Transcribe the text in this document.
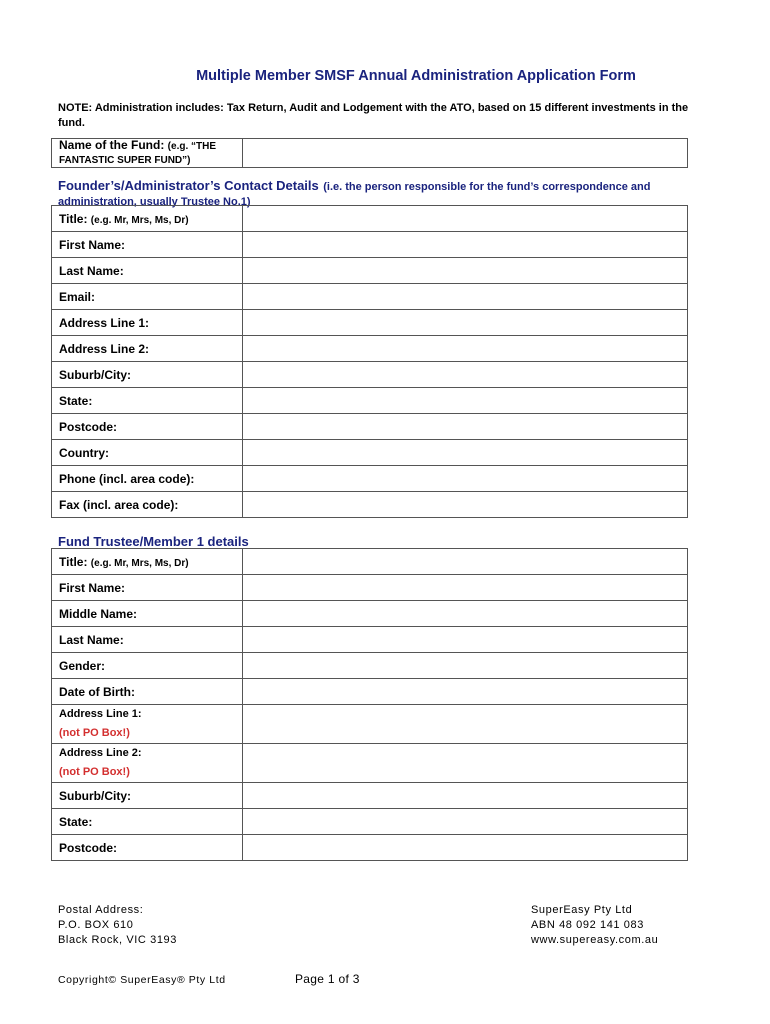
Multiple Member SMSF Annual Administration Application Form
NOTE: Administration includes: Tax Return, Audit and Lodgement with the ATO, based on 15 different investments in the fund.
Name of the Fund: (e.g. “THE FANTASTIC SUPER FUND”)	
Founder’s/Administrator’s Contact Details (i.e. the person responsible for the fund’s correspondence and administration, usually Trustee No.1)
Title: (e.g. Mr, Mrs, Ms, Dr)	
First Name:	
Last Name:	
Email:	
Address Line 1:	
Address Line 2:	
Suburb/City:	
State:	
Postcode:	
Country:	
Phone (incl. area code):	
Fax (incl. area code):	
Fund Trustee/Member 1 details
Title: (e.g. Mr, Mrs, Ms, Dr)	
First Name:	
Middle Name:	
Last Name:	
Gender:	
Date of Birth:	

Address Line 1:
(not PO Box!)

Address Line 2:
(not PO Box!)

Suburb/City:	
State:	
Postcode:	
Postal Address:
P.O. BOX 610
Black Rock, VIC 3193
SuperEasy Pty Ltd
ABN 48 092 141 083
www.supereasy.com.au
Copyright© SuperEasy® Pty Ltd	Page 1 of 3
